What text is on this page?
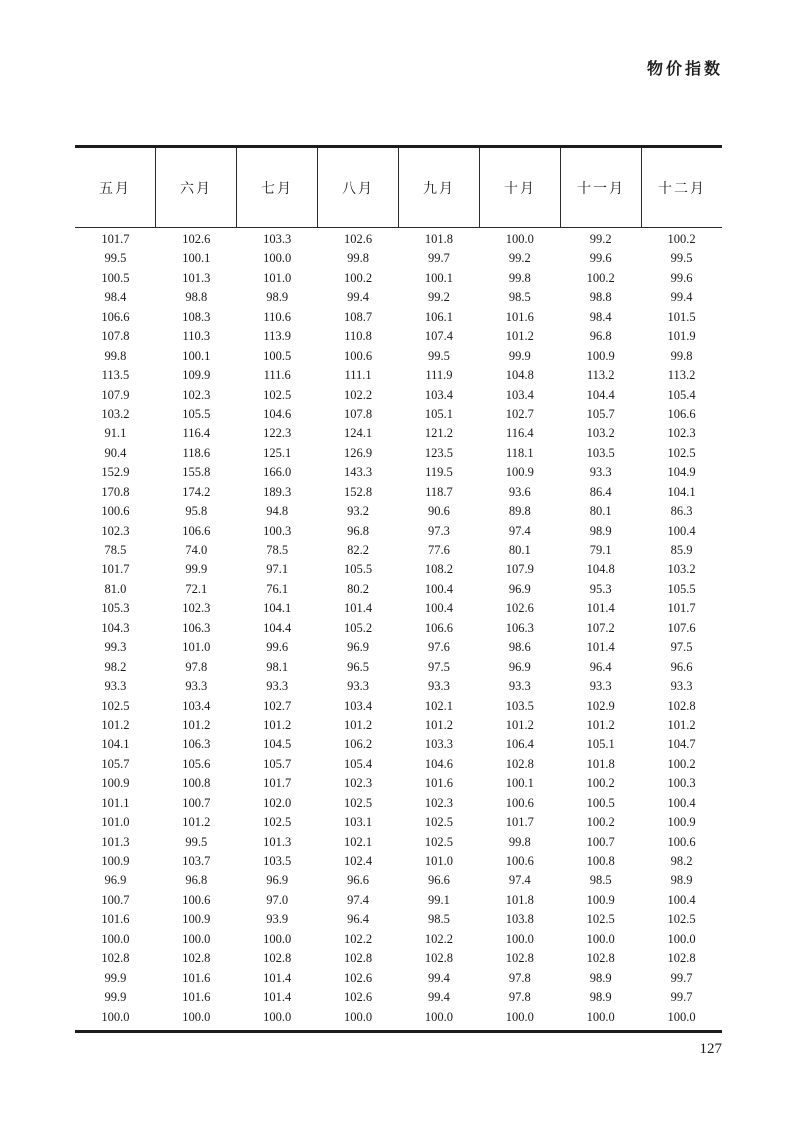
物价指数
五月	六月	七月	八月	九月	十月	十一月	十二月
101.7	102.6	103.3	102.6	101.8	100.0	99.2	100.2
99.5	100.1	100.0	99.8	99.7	99.2	99.6	99.5
100.5	101.3	101.0	100.2	100.1	99.8	100.2	99.6
98.4	98.8	98.9	99.4	99.2	98.5	98.8	99.4
106.6	108.3	110.6	108.7	106.1	101.6	98.4	101.5
107.8	110.3	113.9	110.8	107.4	101.2	96.8	101.9
99.8	100.1	100.5	100.6	99.5	99.9	100.9	99.8
113.5	109.9	111.6	111.1	111.9	104.8	113.2	113.2
107.9	102.3	102.5	102.2	103.4	103.4	104.4	105.4
103.2	105.5	104.6	107.8	105.1	102.7	105.7	106.6
91.1	116.4	122.3	124.1	121.2	116.4	103.2	102.3
90.4	118.6	125.1	126.9	123.5	118.1	103.5	102.5
152.9	155.8	166.0	143.3	119.5	100.9	93.3	104.9
170.8	174.2	189.3	152.8	118.7	93.6	86.4	104.1
100.6	95.8	94.8	93.2	90.6	89.8	80.1	86.3
102.3	106.6	100.3	96.8	97.3	97.4	98.9	100.4
78.5	74.0	78.5	82.2	77.6	80.1	79.1	85.9
101.7	99.9	97.1	105.5	108.2	107.9	104.8	103.2
81.0	72.1	76.1	80.2	100.4	96.9	95.3	105.5
105.3	102.3	104.1	101.4	100.4	102.6	101.4	101.7
104.3	106.3	104.4	105.2	106.6	106.3	107.2	107.6
99.3	101.0	99.6	96.9	97.6	98.6	101.4	97.5
98.2	97.8	98.1	96.5	97.5	96.9	96.4	96.6
93.3	93.3	93.3	93.3	93.3	93.3	93.3	93.3
102.5	103.4	102.7	103.4	102.1	103.5	102.9	102.8
101.2	101.2	101.2	101.2	101.2	101.2	101.2	101.2
104.1	106.3	104.5	106.2	103.3	106.4	105.1	104.7
105.7	105.6	105.7	105.4	104.6	102.8	101.8	100.2
100.9	100.8	101.7	102.3	101.6	100.1	100.2	100.3
101.1	100.7	102.0	102.5	102.3	100.6	100.5	100.4
101.0	101.2	102.5	103.1	102.5	101.7	100.2	100.9
101.3	99.5	101.3	102.1	102.5	99.8	100.7	100.6
100.9	103.7	103.5	102.4	101.0	100.6	100.8	98.2
96.9	96.8	96.9	96.6	96.6	97.4	98.5	98.9
100.7	100.6	97.0	97.4	99.1	101.8	100.9	100.4
101.6	100.9	93.9	96.4	98.5	103.8	102.5	102.5
100.0	100.0	100.0	102.2	102.2	100.0	100.0	100.0
102.8	102.8	102.8	102.8	102.8	102.8	102.8	102.8
99.9	101.6	101.4	102.6	99.4	97.8	98.9	99.7
99.9	101.6	101.4	102.6	99.4	97.8	98.9	99.7
100.0	100.0	100.0	100.0	100.0	100.0	100.0	100.0
127
